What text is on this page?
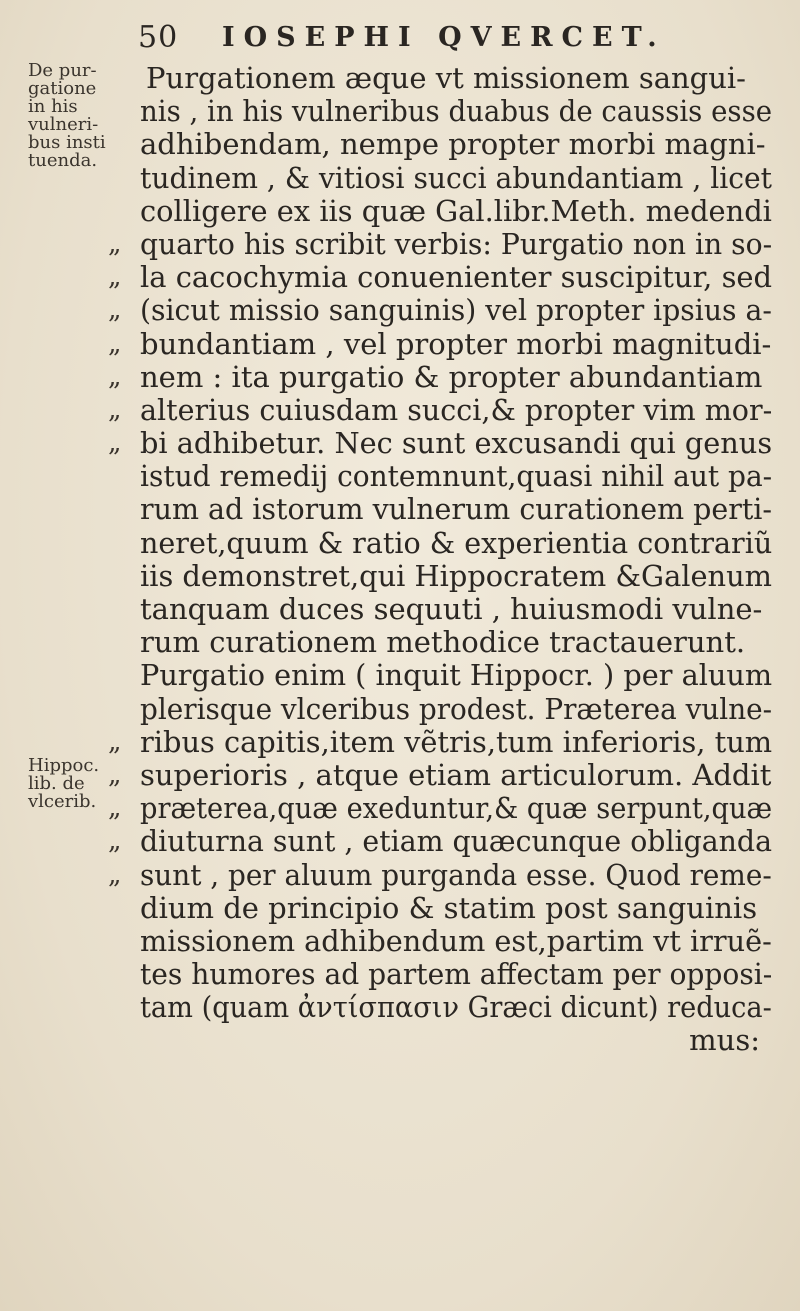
50 IOSEPHI QVERCET.
De pur-
gatione
in his
vulneri-
bus insti
tuenda.
Hippoc.
lib. de
vlcerib.
Purgationem æque vt missionem sangui-
nis , in his vulneribus duabus de caussis esse
adhibendam, nempe propter morbi magni-
tudinem , & vitiosi succi abundantiam , licet
colligere ex iis quæ Gal.libr.Meth. medendi
„ quarto his scribit verbis: Purgatio non in so-
„ la cacochymia conuenienter suscipitur, sed
„ (sicut missio sanguinis) vel propter ipsius a-
„ bundantiam , vel propter morbi magnitudi-
„ nem : ita purgatio & propter abundantiam
„ alterius cuiusdam succi,& propter vim mor-
„ bi adhibetur. Nec sunt excusandi qui genus
istud remedij contemnunt,quasi nihil aut pa-
rum ad istorum vulnerum curationem perti-
neret,quum & ratio & experientia contrariũ
iis demonstret,qui Hippocratem &Galenum
tanquam duces sequuti , huiusmodi vulne-
rum curationem methodice tractauerunt.
Purgatio enim ( inquit Hippocr. ) per aluum
plerisque vlceribus prodest. Præterea vulne-
„ ribus capitis,item vẽtris,tum inferioris, tum
„ superioris , atque etiam articulorum. Addit
„ præterea,quæ exeduntur,& quæ serpunt,quæ
„ diuturna sunt , etiam quæcunque obliganda
„ sunt , per aluum purganda esse. Quod reme-
dium de principio & statim post sanguinis
missionem adhibendum est,partim vt irruẽ-
tes humores ad partem affectam per opposi-
tam (quam ἀντίσπασιν Græci dicunt) reduca-
mus:
